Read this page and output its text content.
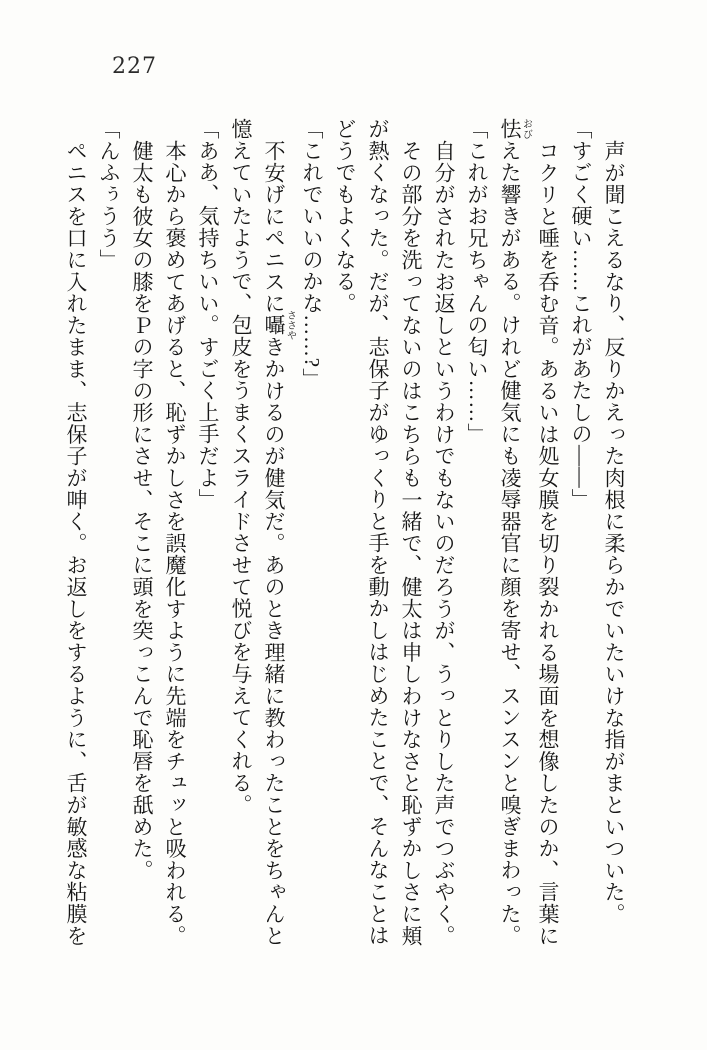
227

声が聞こえるなり、反りかえった肉根に柔らかでいたいけな指がまといついた。

「すごく硬い……これがあたしの――」

コクリと唾を呑む音。あるいは処女膜を切り裂かれる場面を想像したのか、言葉に

怯おびえた響きがある。けれど健気にも凌辱器官に顔を寄せ、スンスンと嗅ぎまわった。

「これがお兄ちゃんの匂い……」

自分がされたお返しというわけでもないのだろうが、うっとりした声でつぶやく。

その部分を洗ってないのはこちらも一緒で、健太は申しわけなさと恥ずかしさに頬

が熱くなった。だが、志保子がゆっくりと手を動かしはじめたことで、そんなことは

どうでもよくなる。

「これでいいのかな……?」

不安げにペニスに囁ささやきかけるのが健気だ。あのとき理緒に教わったことをちゃんと

憶えていたようで、包皮をうまくスライドさせて悦びを与えてくれる。

「ああ、気持ちいい。すごく上手だよ」

本心から褒めてあげると、恥ずかしさを誤魔化すように先端をチュッと吸われる。

健太も彼女の膝をＰの字の形にさせ、そこに頭を突っこんで恥唇を舐めた。

「んふぅうう」

ペニスを口に入れたまま、志保子が呻く。お返しをするように、舌が敏感な粘膜を
